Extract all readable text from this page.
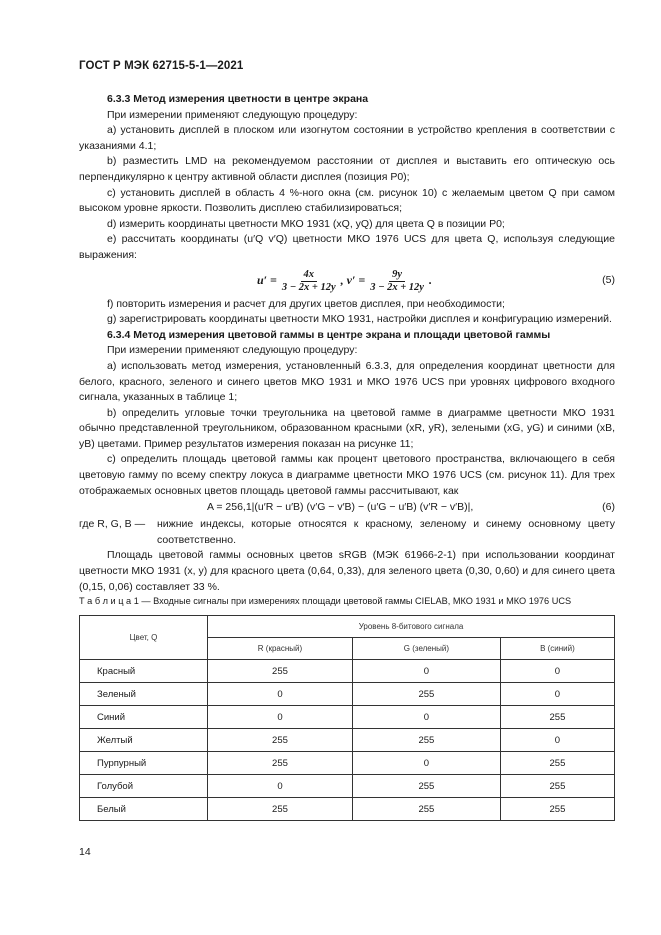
ГОСТ Р МЭК 62715-5-1—2021

6.3.3 Метод измерения цветности в центре экрана

При измерении применяют следующую процедуру:

а) установить дисплей в плоском или изогнутом состоянии в устройство крепления в соответствии с указаниями 4.1;

b) разместить LMD на рекомендуемом расстоянии от дисплея и выставить его оптическую ось перпендикулярно к центру активной области дисплея (позиция P0);

c) установить дисплей в область 4 %-ного окна (см. рисунок 10) с желаемым цветом Q при самом высоком уровне яркости. Позволить дисплею стабилизироваться;

d) измерить координаты цветности МКО 1931 (xQ, yQ) для цвета Q в позиции P0;

е) рассчитать координаты (u′Q v′Q) цветности МКО 1976 UCS для цвета Q, используя следующие выражения:

$u' = \frac{4x}{3 - 2x + 12y}$ , $v' = \frac{9y}{3 - 2x + 12y}$ .	(5)

f) повторить измерения и расчет для других цветов дисплея, при необходимости;

g) зарегистрировать координаты цветности МКО 1931, настройки дисплея и конфигурацию измерений.

6.3.4 Метод измерения цветовой гаммы в центре экрана и площади цветовой гаммы

При измерении применяют следующую процедуру:

а) использовать метод измерения, установленный 6.3.3, для определения координат цветности для белого, красного, зеленого и синего цветов МКО 1931 и МКО 1976 UCS при уровнях цифрового входного сигнала, указанных в таблице 1;

b) определить угловые точки треугольника на цветовой гамме в диаграмме цветности МКО 1931 обычно представленной треугольником, образованном красными (xR, yR), зелеными (xG, yG) и синими (xB, yB) цветами. Пример результатов измерения показан на рисунке 11;

c) определить площадь цветовой гаммы как процент цветового пространства, включающего в себя цветовую гамму по всему спектру локуса в диаграмме цветности МКО 1976 UCS (см. рисунок 11). Для трех отображаемых основных цветов площадь цветовой гаммы рассчитывают, как

A = 256,1|(u′R − u′B) (v′G − v′B) − (u′G − u′B) (v′R − v′B)|,	(6)
где R, G, B —	нижние индексы, которые относятся к красному, зеленому и синему основному цвету соответственно.

Площадь цветовой гаммы основных цветов sRGB (МЭК 61966-2-1) при использовании координат цветности МКО 1931 (x, y) для красного цвета (0,64, 0,33), для зеленого цвета (0,30, 0,60) и для синего цвета (0,15, 0,06) составляет 33 %.

Т а б л и ц а 1 — Входные сигналы при измерениях площади цветовой гаммы CIELAB, МКО 1931 и МКО 1976 UCS
Цвет, Q	Уровень 8-битового сигнала		
	R (красный)	G (зеленый)	B (синий)
Красный	255	0	0
Зеленый	0	255	0
Синий	0	0	255
Желтый	255	255	0
Пурпурный	255	0	255
Голубой	0	255	255
Белый	255	255	255
14
